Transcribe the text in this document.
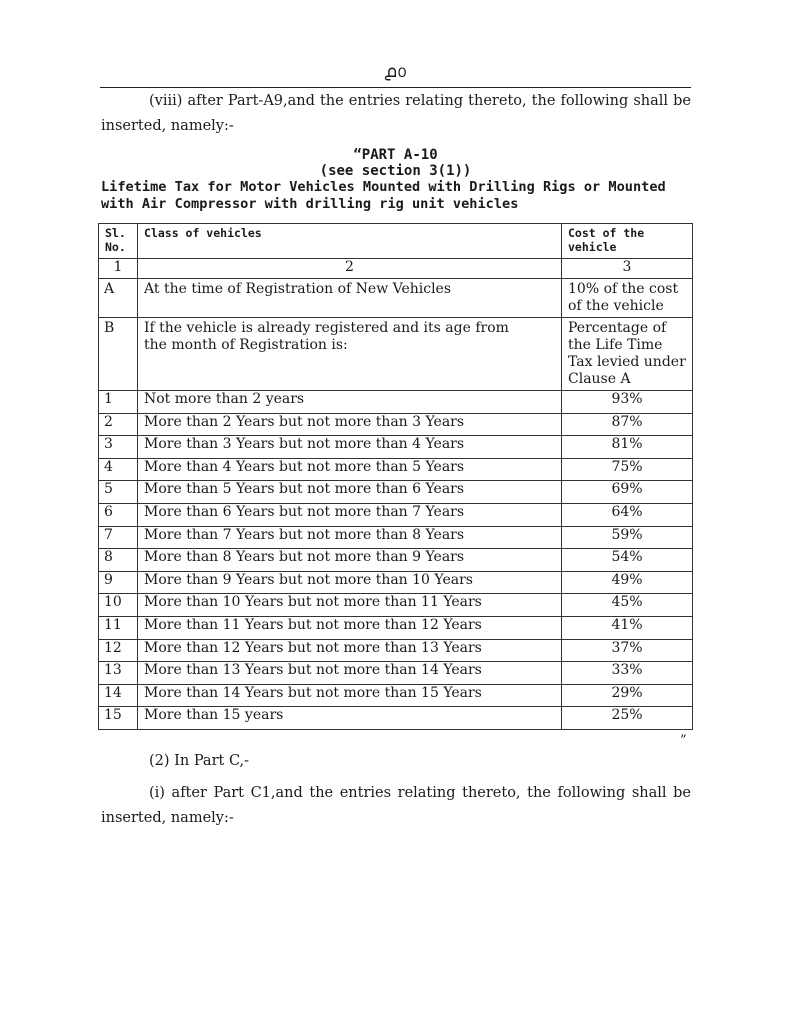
൧൦
(viii) after Part-A9,and the entries relating thereto, the following shall be inserted, namely:-
“PART A-10
(see section 3(1))
Lifetime Tax for Motor Vehicles Mounted with Drilling Rigs or Mounted with Air Compressor with drilling rig unit vehicles
Sl. No.	Class of vehicles	Cost of the vehicle
1	2	3
A	At the time of Registration of New Vehicles	10% of the cost of the vehicle
B	If the vehicle is already registered and its age from the month of Registration is:	Percentage of the Life Time Tax levied under Clause A
1	Not more than 2 years	93%
2	More than 2 Years but not more than 3 Years	87%
3	More than 3 Years but not more than 4 Years	81%
4	More than 4 Years but not more than 5 Years	75%
5	More than 5 Years but not more than 6 Years	69%
6	More than 6 Years but not more than 7 Years	64%
7	More than 7 Years but not more than 8 Years	59%
8	More than 8 Years but not more than 9 Years	54%
9	More than 9 Years but not more than 10 Years	49%
10	More than 10 Years but not more than 11 Years	45%
11	More than 11 Years but not more than 12 Years	41%
12	More than 12 Years but not more than 13 Years	37%
13	More than 13 Years but not more than 14 Years	33%
14	More than 14 Years but not more than 15 Years	29%
15	More than 15 years	25%
”
(2) In Part C,-
(i) after Part C1,and the entries relating thereto, the following shall be inserted, namely:-
